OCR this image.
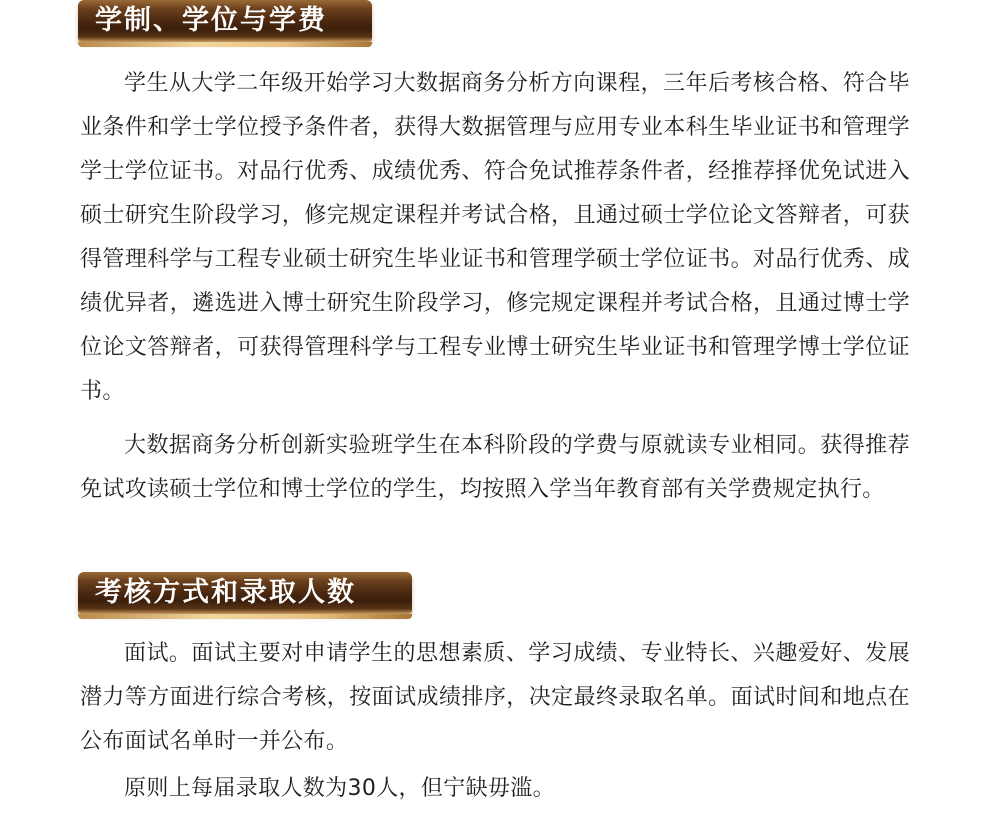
学制、学位与学费

学生从大学二年级开始学习大数据商务分析方向课程，三年后考核合格、符合毕业条件和学士学位授予条件者，获得大数据管理与应用专业本科生毕业证书和管理学学士学位证书。对品行优秀、成绩优秀、符合免试推荐条件者，经推荐择优免试进入硕士研究生阶段学习，修完规定课程并考试合格，且通过硕士学位论文答辩者，可获得管理科学与工程专业硕士研究生毕业证书和管理学硕士学位证书。对品行优秀、成绩优异者，遴选进入博士研究生阶段学习，修完规定课程并考试合格，且通过博士学位论文答辩者，可获得管理科学与工程专业博士研究生毕业证书和管理学博士学位证书。

大数据商务分析创新实验班学生在本科阶段的学费与原就读专业相同。获得推荐免试攻读硕士学位和博士学位的学生，均按照入学当年教育部有关学费规定执行。

考核方式和录取人数

面试。面试主要对申请学生的思想素质、学习成绩、专业特长、兴趣爱好、发展潜力等方面进行综合考核，按面试成绩排序，决定最终录取名单。面试时间和地点在公布面试名单时一并公布。

原则上每届录取人数为30人，但宁缺毋滥。
